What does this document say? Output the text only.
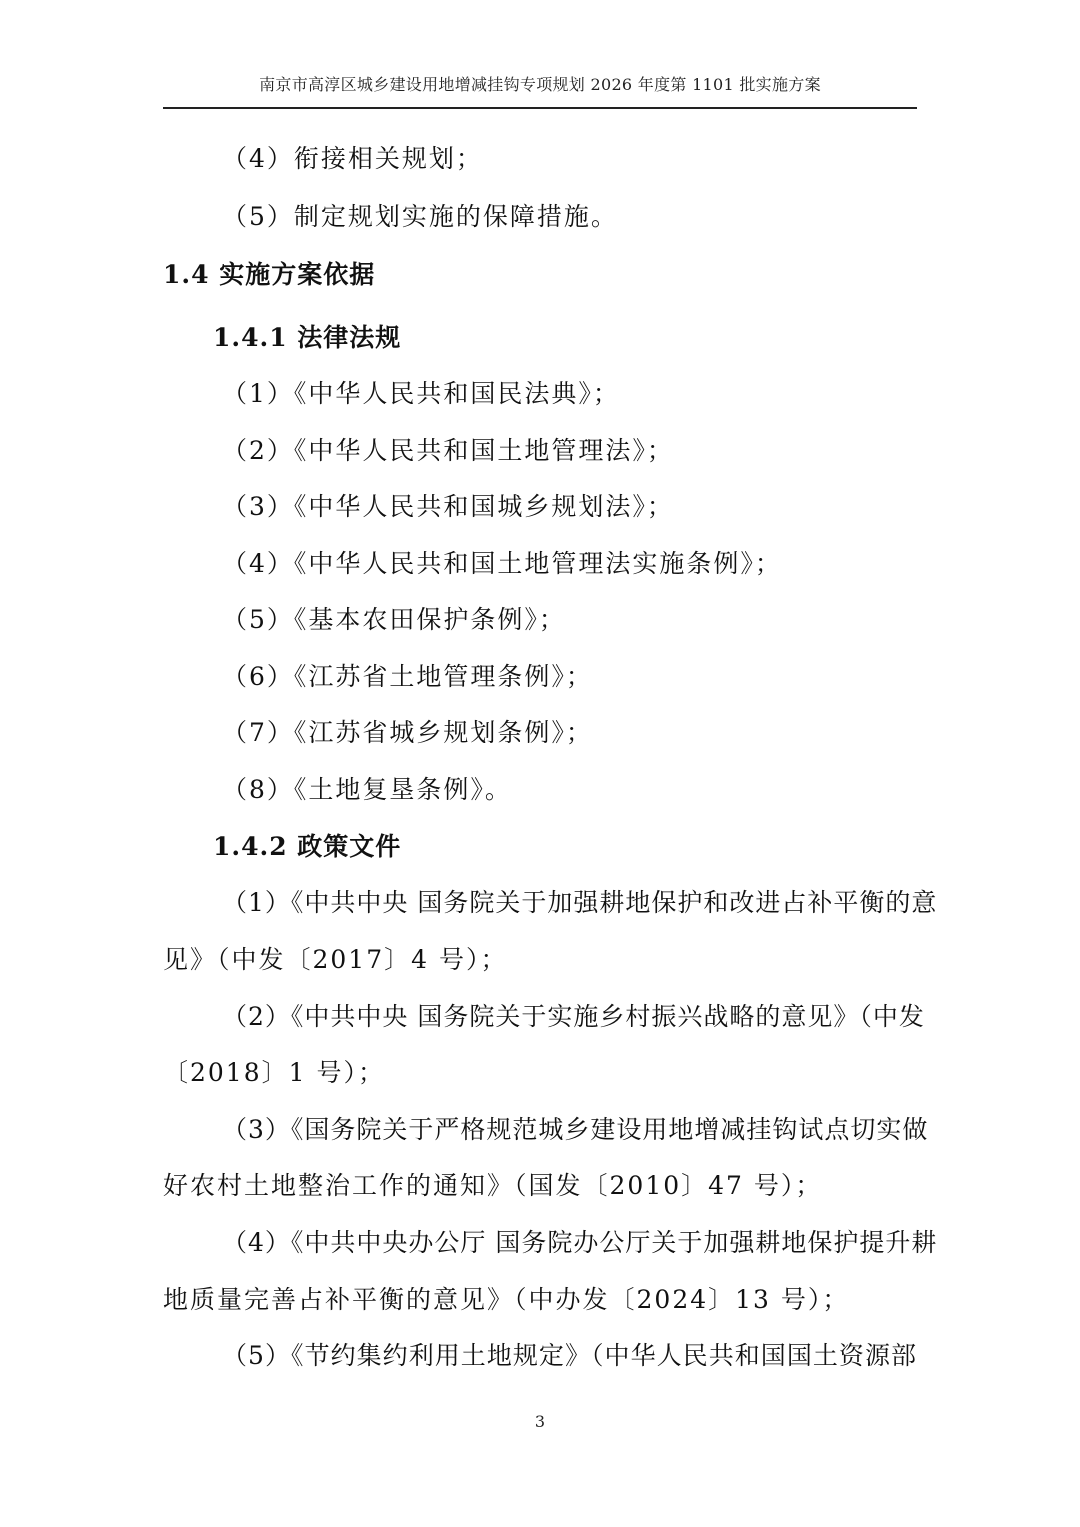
南京市高淳区城乡建设用地增减挂钩专项规划 2026 年度第 1101 批实施方案
（4）衔接相关规划；
（5）制定规划实施的保障措施。
1.4 实施方案依据
1.4.1 法律法规
（1）《中华人民共和国民法典》；
（2）《中华人民共和国土地管理法》；
（3）《中华人民共和国城乡规划法》；
（4）《中华人民共和国土地管理法实施条例》；
（5）《基本农田保护条例》；
（6）《江苏省土地管理条例》；
（7）《江苏省城乡规划条例》；
（8）《土地复垦条例》。
1.4.2 政策文件
（1）《中共中央 国务院关于加强耕地保护和改进占补平衡的意
见》（中发〔2017〕4 号）；
（2）《中共中央 国务院关于实施乡村振兴战略的意见》（中发
〔2018〕1 号）；
（3）《国务院关于严格规范城乡建设用地增减挂钩试点切实做
好农村土地整治工作的通知》（国发〔2010〕47 号）；
（4）《中共中央办公厅 国务院办公厅关于加强耕地保护提升耕
地质量完善占补平衡的意见》（中办发〔2024〕13 号）；
（5）《节约集约利用土地规定》（中华人民共和国国土资源部
3
